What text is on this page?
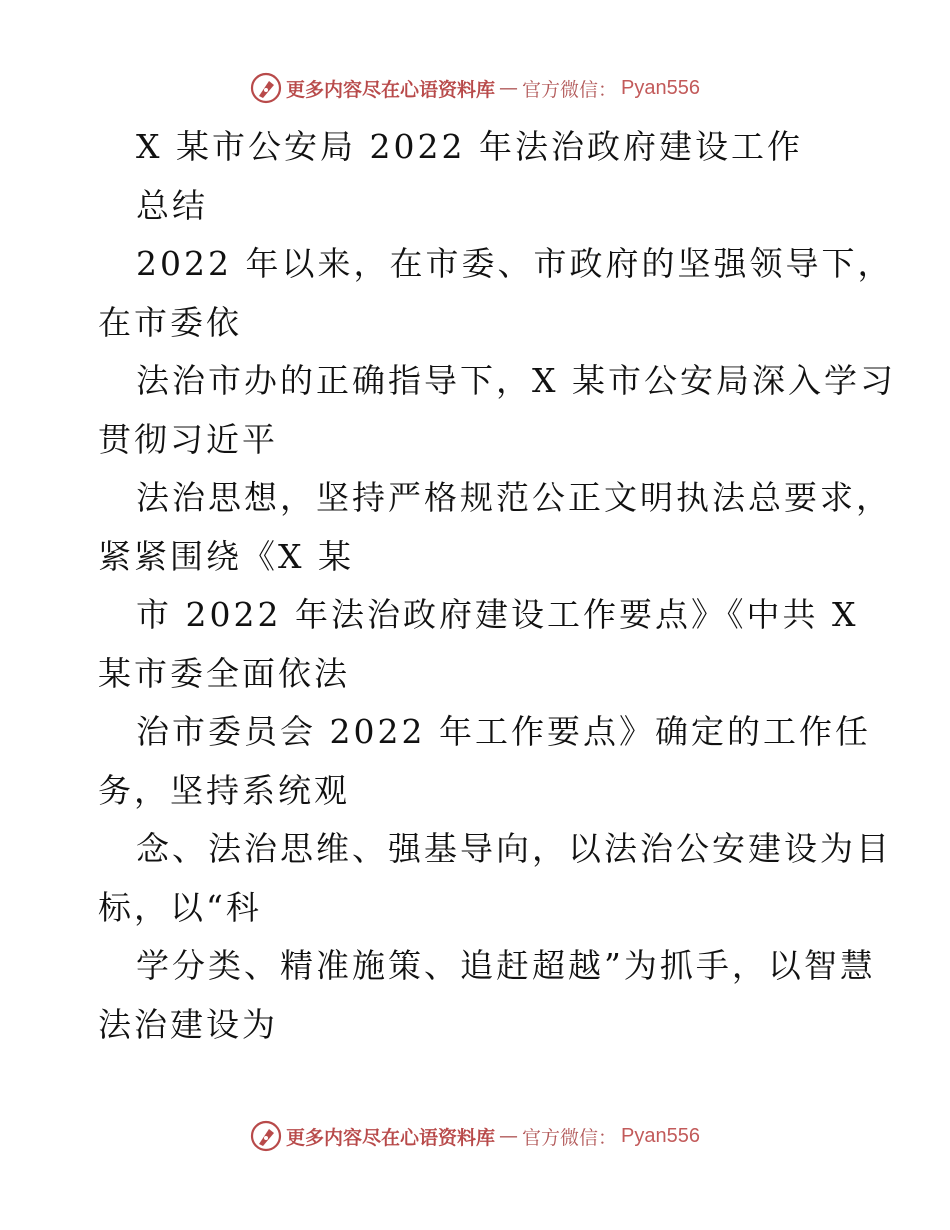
更多内容尽在心语资料库 — 官方微信： Pyan556
X 某市公安局 2022 年法治政府建设工作
总结
2022 年以来，在市委、市政府的坚强领导下，
在市委依
法治市办的正确指导下，X 某市公安局深入学习
贯彻习近平
法治思想，坚持严格规范公正文明执法总要求，
紧紧围绕《X 某
市 2022 年法治政府建设工作要点》《中共 X
某市委全面依法
治市委员会 2022 年工作要点》确定的工作任
务，坚持系统观
念、法治思维、强基导向，以法治公安建设为目
标，以“科
学分类、精准施策、追赶超越”为抓手，以智慧
法治建设为
更多内容尽在心语资料库 — 官方微信： Pyan556
